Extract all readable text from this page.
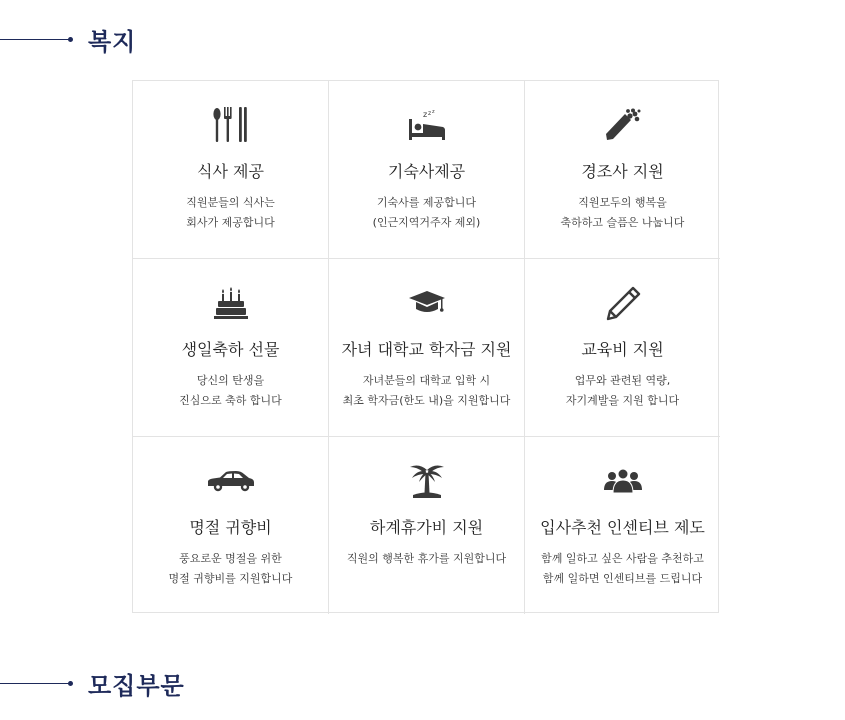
복지
식사 제공
직원분들의 식사는
회사가 제공합니다
z z z
기숙사제공
기숙사를 제공합니다
(인근지역거주자 제외)
경조사 지원
직원모두의 행복을
축하하고 슬픔은 나눕니다
생일축하 선물
당신의 탄생을
진심으로 축하 합니다
자녀 대학교 학자금 지원
자녀분들의 대학교 입학 시
최초 학자금(한도 내)을 지원합니다
교육비 지원
업무와 관련된 역량,
자기계발을 지원 합니다
명절 귀향비
풍요로운 명절을 위한
명절 귀향비를 지원합니다
하계휴가비 지원
직원의 행복한 휴가를 지원합니다
입사추천 인센티브 제도
함께 일하고 싶은 사람을 추천하고
함께 일하면 인센티브를 드립니다
모집부문
